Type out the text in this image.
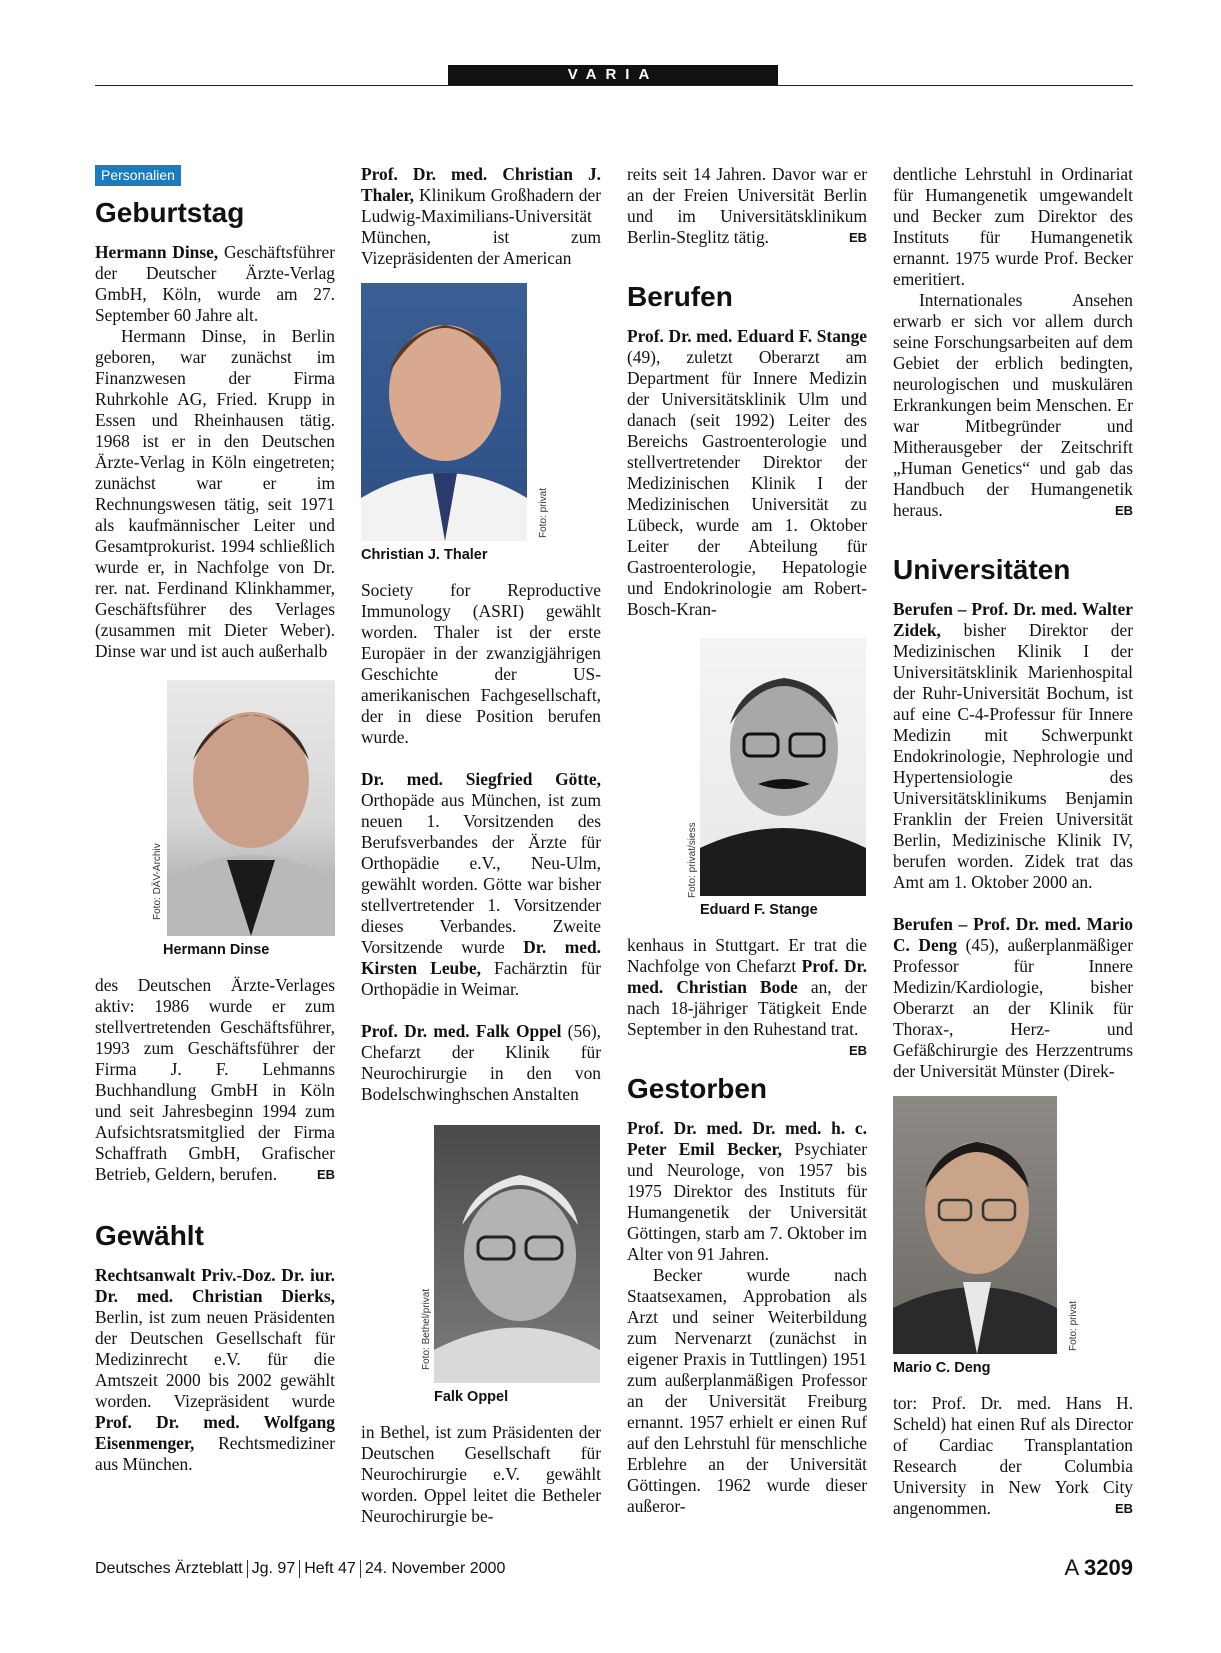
VARIA
Personalien
Geburtstag

Hermann Dinse, Geschäftsführer der Deutscher Ärzte-Verlag GmbH, Köln, wurde am 27. September 60 Jahre alt.

Hermann Dinse, in Berlin geboren, war zunächst im Finanzwesen der Firma Ruhrkohle AG, Fried. Krupp in Essen und Rheinhausen tätig. 1968 ist er in den Deutschen Ärzte-Verlag in Köln eingetreten; zunächst war er im Rechnungswesen tätig, seit 1971 als kaufmännischer Leiter und Gesamtprokurist. 1994 schließlich wurde er, in Nachfolge von Dr. rer. nat. Ferdinand Klinkhammer, Geschäftsführer des Verlages (zusammen mit Dieter Weber). Dinse war und ist auch außerhalb

Foto: DÄV-Archiv
Hermann Dinse

des Deutschen Ärzte-Verlages aktiv: 1986 wurde er zum stellvertretenden Geschäftsführer, 1993 zum Geschäftsführer der Firma J. F. Lehmanns Buchhandlung GmbH in Köln und seit Jahresbeginn 1994 zum Aufsichtsratsmitglied der Firma Schaffrath GmbH, Grafischer Betrieb, Geldern, berufen.	EB

Gewählt

Rechtsanwalt Priv.-Doz. Dr. iur. Dr. med. Christian Dierks, Berlin, ist zum neuen Präsidenten der Deutschen Gesellschaft für Medizinrecht e.V. für die Amtszeit 2000 bis 2002 gewählt worden. Vizepräsident wurde Prof. Dr. med. Wolfgang Eisenmenger, Rechtsmediziner aus München.

Prof. Dr. med. Christian J. Thaler, Klinikum Großhadern der Ludwig-Maximilians-Universität München, ist zum Vizepräsidenten der American

Foto: privat
Christian J. Thaler

Society for Reproductive Immunology (ASRI) gewählt worden. Thaler ist der erste Europäer in der zwanzigjährigen Geschichte der US-amerikanischen Fachgesellschaft, der in diese Position berufen wurde.

Dr. med. Siegfried Götte, Orthopäde aus München, ist zum neuen 1. Vorsitzenden des Berufsverbandes der Ärzte für Orthopädie e.V., Neu-Ulm, gewählt worden. Götte war bisher stellvertretender 1. Vorsitzender dieses Verbandes. Zweite Vorsitzende wurde Dr. med. Kirsten Leube, Fachärztin für Orthopädie in Weimar.

Prof. Dr. med. Falk Oppel (56), Chefarzt der Klinik für Neurochirurgie in den von Bodelschwinghschen Anstalten

Foto: Bethel/privat
Falk Oppel

in Bethel, ist zum Präsidenten der Deutschen Gesellschaft für Neurochirurgie e.V. gewählt worden. Oppel leitet die Betheler Neurochirurgie be-

reits seit 14 Jahren. Davor war er an der Freien Universität Berlin und im Universitätsklinikum Berlin-Steglitz tätig.	EB

Berufen

Prof. Dr. med. Eduard F. Stange (49), zuletzt Oberarzt am Department für Innere Medizin der Universitätsklinik Ulm und danach (seit 1992) Leiter des Bereichs Gastroenterologie und stellvertretender Direktor der Medizinischen Klinik I der Medizinischen Universität zu Lübeck, wurde am 1. Oktober Leiter der Abteilung für Gastroenterologie, Hepatologie und Endokrinologie am Robert-Bosch-Kran-

Foto: privat/siess
Eduard F. Stange

kenhaus in Stuttgart. Er trat die Nachfolge von Chefarzt Prof. Dr. med. Christian Bode an, der nach 18-jähriger Tätigkeit Ende September in den Ruhestand trat.
EB

Gestorben

Prof. Dr. med. Dr. med. h. c. Peter Emil Becker, Psychiater und Neurologe, von 1957 bis 1975 Direktor des Instituts für Humangenetik der Universität Göttingen, starb am 7. Oktober im Alter von 91 Jahren.

Becker wurde nach Staatsexamen, Approbation als Arzt und seiner Weiterbildung zum Nervenarzt (zunächst in eigener Praxis in Tuttlingen) 1951 zum außerplanmäßigen Professor an der Universität Freiburg ernannt. 1957 erhielt er einen Ruf auf den Lehrstuhl für menschliche Erblehre an der Universität Göttingen. 1962 wurde dieser außeror-

dentliche Lehrstuhl in Ordinariat für Humangenetik umgewandelt und Becker zum Direktor des Instituts für Humangenetik ernannt. 1975 wurde Prof. Becker emeritiert.

Internationales Ansehen erwarb er sich vor allem durch seine Forschungsarbeiten auf dem Gebiet der erblich bedingten, neurologischen und muskulären Erkrankungen beim Menschen. Er war Mitbegründer und Mitherausgeber der Zeitschrift „Human Genetics“ und gab das Handbuch der Humangenetik heraus.	EB

Universitäten

Berufen – Prof. Dr. med. Walter Zidek, bisher Direktor der Medizinischen Klinik I der Universitätsklinik Marienhospital der Ruhr-Universität Bochum, ist auf eine C-4-Professur für Innere Medizin mit Schwerpunkt Endokrinologie, Nephrologie und Hypertensiologie des Universitätsklinikums Benjamin Franklin der Freien Universität Berlin, Medizinische Klinik IV, berufen worden. Zidek trat das Amt am 1. Oktober 2000 an.

Berufen – Prof. Dr. med. Mario C. Deng (45), außerplanmäßiger Professor für Innere Medizin/Kardiologie, bisher Oberarzt an der Klinik für Thorax-, Herz- und Gefäßchirurgie des Herzzentrums der Universität Münster (Direk-

Foto: privat
Mario C. Deng

tor: Prof. Dr. med. Hans H. Scheld) hat einen Ruf als Director of Cardiac Transplantation Research der Columbia University in New York City angenommen.	EB

Deutsches Ärzteblatt Jg. 97 Heft 47 24. November 2000	A 3209
